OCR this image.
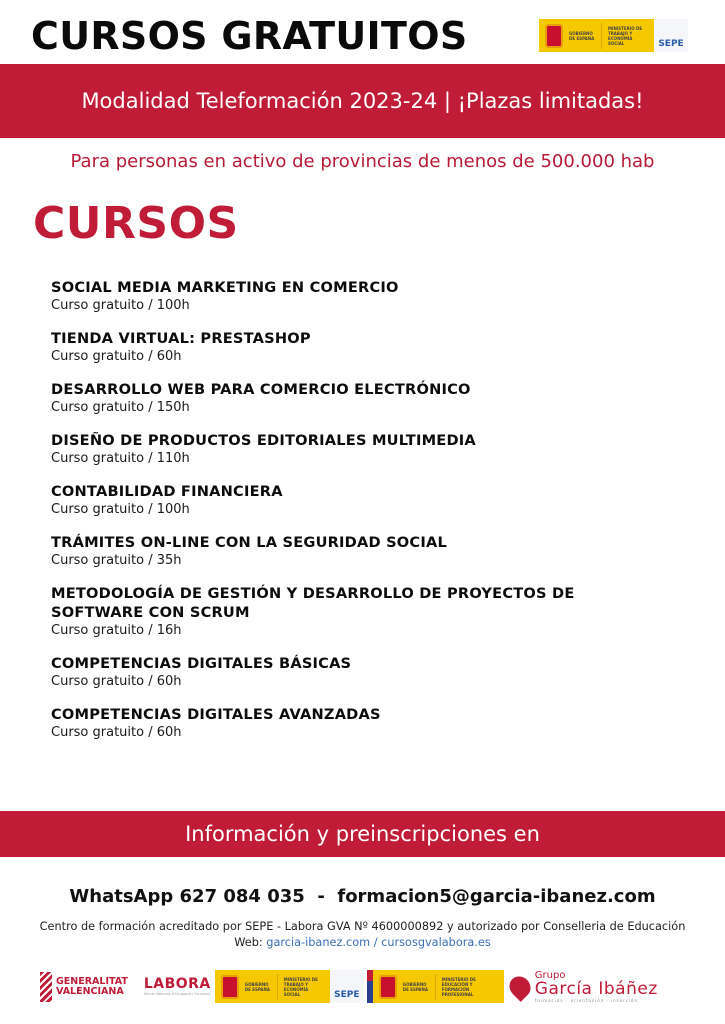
CURSOS GRATUITOS	GOBIERNO DE ESPAÑA
MINISTERIO DE TRABAJO Y ECONOMÍA SOCIAL	SEPE
Modalidad Teleformación 2023-24 | ¡Plazas limitadas!
Para personas en activo de provincias de menos de 500.000 hab
CURSOS
SOCIAL MEDIA MARKETING EN COMERCIO
Curso gratuito / 100h
TIENDA VIRTUAL: PRESTASHOP
Curso gratuito / 60h
DESARROLLO WEB PARA COMERCIO ELECTRÓNICO
Curso gratuito / 150h
DISEÑO DE PRODUCTOS EDITORIALES MULTIMEDIA
Curso gratuito / 110h
CONTABILIDAD FINANCIERA
Curso gratuito / 100h
TRÁMITES ON-LINE CON LA SEGURIDAD SOCIAL
Curso gratuito / 35h
METODOLOGÍA DE GESTIÓN Y DESARROLLO DE PROYECTOS DE SOFTWARE CON SCRUM
Curso gratuito / 16h
COMPETENCIAS DIGITALES BÁSICAS
Curso gratuito / 60h
COMPETENCIAS DIGITALES AVANZADAS
Curso gratuito / 60h
Información y preinscripciones en
WhatsApp 627 084 035 - formacion5@garcia-ibanez.com
Centro de formación acreditado por SEPE - Labora GVA Nº 4600000892 y autorizado por Conselleria de Educación
Web: garcia-ibanez.com / cursosgvalabora.es
GENERALITAT
VALENCIANA LABORA
Servei Valencià d'Ocupació i Formació
GOBIERNO DE ESPAÑA
MINISTERIO DE TRABAJO Y ECONOMÍA SOCIAL	SEPE
GOBIERNO DE ESPAÑA
MINISTERIO DE EDUCACIÓN Y FORMACIÓN PROFESIONAL
Grupo
García Ibáñez
formación · orientación · inserción
